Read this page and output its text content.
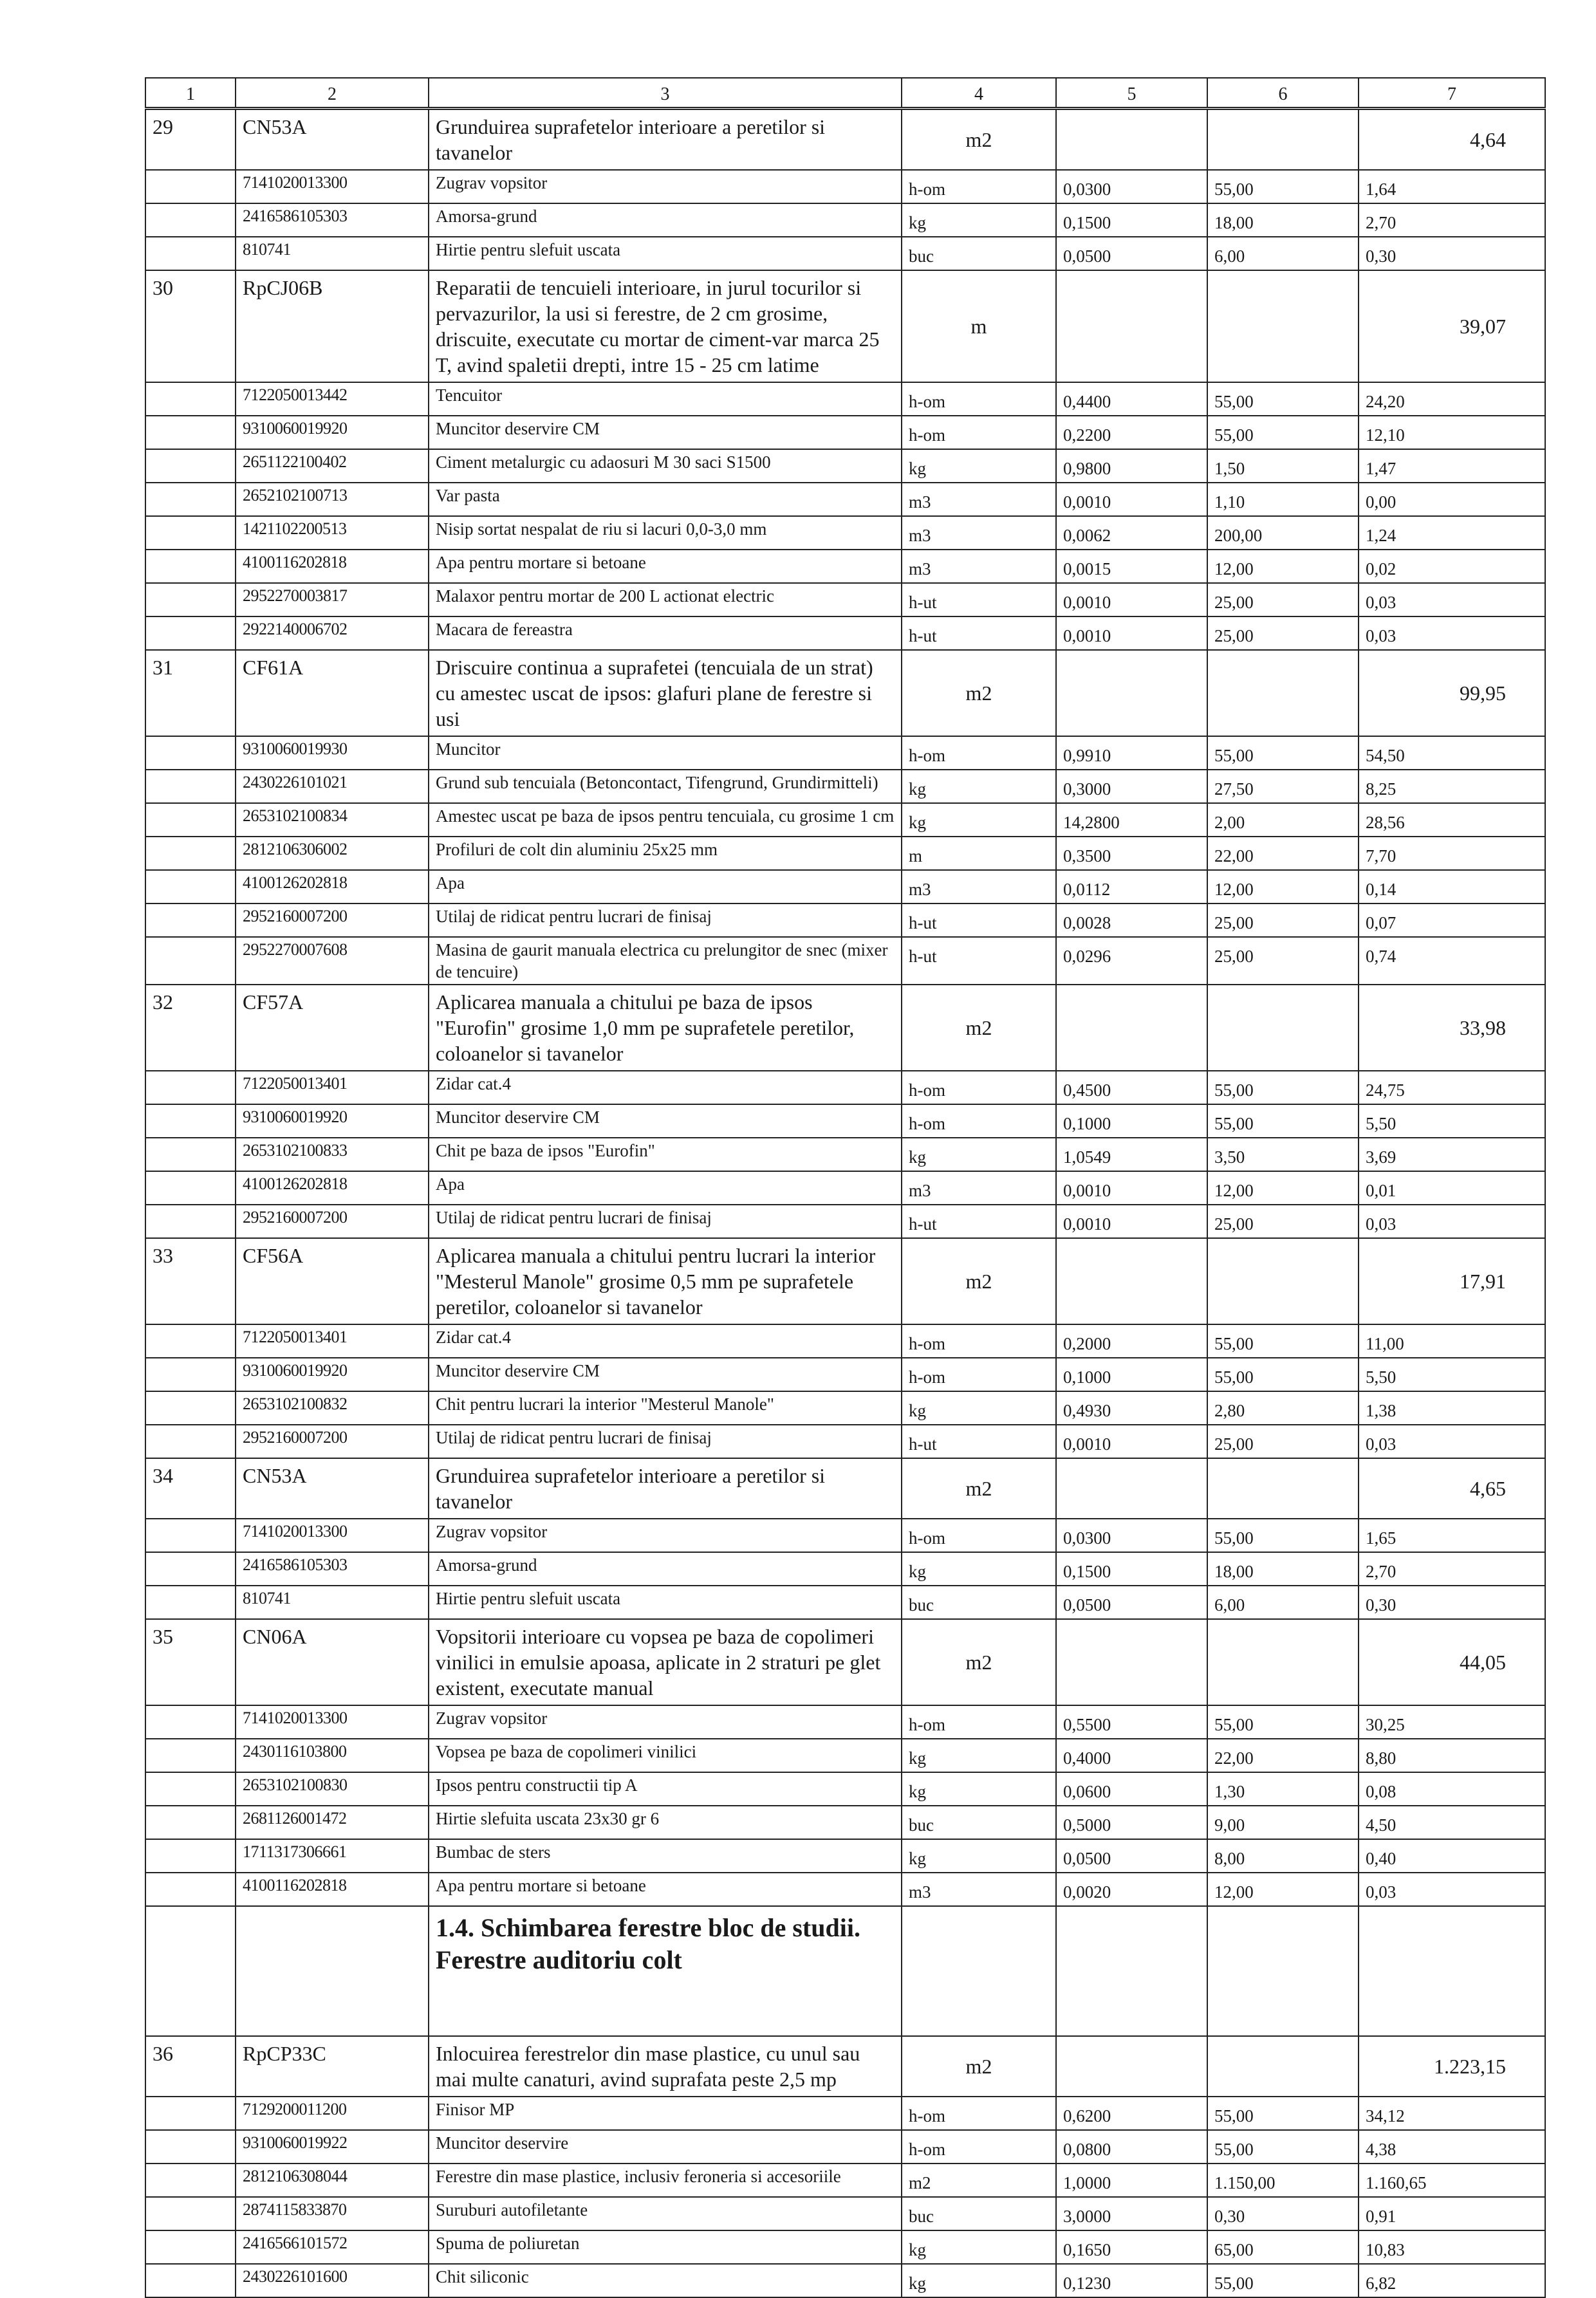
1	2	3	4	5	6	7
29	CN53A	Grunduirea suprafetelor interioare a peretilor si tavanelor	m2			4,64
	7141020013300	Zugrav vopsitor	h-om	0,0300	55,00	1,64
	2416586105303	Amorsa-grund	kg	0,1500	18,00	2,70
	810741	Hirtie pentru slefuit uscata	buc	0,0500	6,00	0,30
30	RpCJ06B	Reparatii de tencuieli interioare, in jurul tocurilor si pervazurilor, la usi si ferestre, de 2 cm grosime, driscuite, executate cu mortar de ciment-var marca 25 T, avind spaletii drepti, intre 15 - 25 cm latime	m			39,07
	7122050013442	Tencuitor	h-om	0,4400	55,00	24,20
	9310060019920	Muncitor deservire CM	h-om	0,2200	55,00	12,10
	2651122100402	Ciment metalurgic cu adaosuri M 30 saci S1500	kg	0,9800	1,50	1,47
	2652102100713	Var pasta	m3	0,0010	1,10	0,00
	1421102200513	Nisip sortat nespalat de riu si lacuri 0,0-3,0 mm	m3	0,0062	200,00	1,24
	4100116202818	Apa pentru mortare si betoane	m3	0,0015	12,00	0,02
	2952270003817	Malaxor pentru mortar de 200 L actionat electric	h-ut	0,0010	25,00	0,03
	2922140006702	Macara de fereastra	h-ut	0,0010	25,00	0,03
31	CF61A	Driscuire continua a suprafetei (tencuiala de un strat) cu amestec uscat de ipsos: glafuri plane de ferestre si usi	m2			99,95
	9310060019930	Muncitor	h-om	0,9910	55,00	54,50
	2430226101021	Grund sub tencuiala (Betoncontact, Tifengrund, Grundirmitteli)	kg	0,3000	27,50	8,25
	2653102100834	Amestec uscat pe baza de ipsos pentru tencuiala, cu grosime 1 cm	kg	14,2800	2,00	28,56
	2812106306002	Profiluri de colt din aluminiu 25x25 mm	m	0,3500	22,00	7,70
	4100126202818	Apa	m3	0,0112	12,00	0,14
	2952160007200	Utilaj de ridicat pentru lucrari de finisaj	h-ut	0,0028	25,00	0,07
	2952270007608	Masina de gaurit manuala electrica cu prelungitor de snec (mixer de tencuire)	h-ut	0,0296	25,00	0,74
32	CF57A	Aplicarea manuala a chitului pe baza de ipsos "Eurofin" grosime 1,0 mm pe suprafetele peretilor, coloanelor si tavanelor	m2			33,98
	7122050013401	Zidar cat.4	h-om	0,4500	55,00	24,75
	9310060019920	Muncitor deservire CM	h-om	0,1000	55,00	5,50
	2653102100833	Chit pe baza de ipsos "Eurofin"	kg	1,0549	3,50	3,69
	4100126202818	Apa	m3	0,0010	12,00	0,01
	2952160007200	Utilaj de ridicat pentru lucrari de finisaj	h-ut	0,0010	25,00	0,03
33	CF56A	Aplicarea manuala a chitului pentru lucrari la interior "Mesterul Manole" grosime 0,5 mm pe suprafetele peretilor, coloanelor si tavanelor	m2			17,91
	7122050013401	Zidar cat.4	h-om	0,2000	55,00	11,00
	9310060019920	Muncitor deservire CM	h-om	0,1000	55,00	5,50
	2653102100832	Chit pentru lucrari la interior "Mesterul Manole"	kg	0,4930	2,80	1,38
	2952160007200	Utilaj de ridicat pentru lucrari de finisaj	h-ut	0,0010	25,00	0,03
34	CN53A	Grunduirea suprafetelor interioare a peretilor si tavanelor	m2			4,65
	7141020013300	Zugrav vopsitor	h-om	0,0300	55,00	1,65
	2416586105303	Amorsa-grund	kg	0,1500	18,00	2,70
	810741	Hirtie pentru slefuit uscata	buc	0,0500	6,00	0,30
35	CN06A	Vopsitorii interioare cu vopsea pe baza de copolimeri vinilici in emulsie apoasa, aplicate in 2 straturi pe glet existent, executate manual	m2			44,05
	7141020013300	Zugrav vopsitor	h-om	0,5500	55,00	30,25
	2430116103800	Vopsea pe baza de copolimeri vinilici	kg	0,4000	22,00	8,80
	2653102100830	Ipsos pentru constructii tip A	kg	0,0600	1,30	0,08
	2681126001472	Hirtie slefuita uscata 23x30 gr 6	buc	0,5000	9,00	4,50
	1711317306661	Bumbac de sters	kg	0,0500	8,00	0,40
	4100116202818	Apa pentru mortare si betoane	m3	0,0020	12,00	0,03
		1.4. Schimbarea ferestre bloc de studii. Ferestre auditoriu colt				
36	RpCP33C	Inlocuirea ferestrelor din mase plastice, cu unul sau mai multe canaturi, avind suprafata peste 2,5 mp	m2			1.223,15
	7129200011200	Finisor MP	h-om	0,6200	55,00	34,12
	9310060019922	Muncitor deservire	h-om	0,0800	55,00	4,38
	2812106308044	Ferestre din mase plastice, inclusiv feroneria si accesoriile	m2	1,0000	1.150,00	1.160,65
	2874115833870	Suruburi autofiletante	buc	3,0000	0,30	0,91
	2416566101572	Spuma de poliuretan	kg	0,1650	65,00	10,83
	2430226101600	Chit siliconic	kg	0,1230	55,00	6,82
